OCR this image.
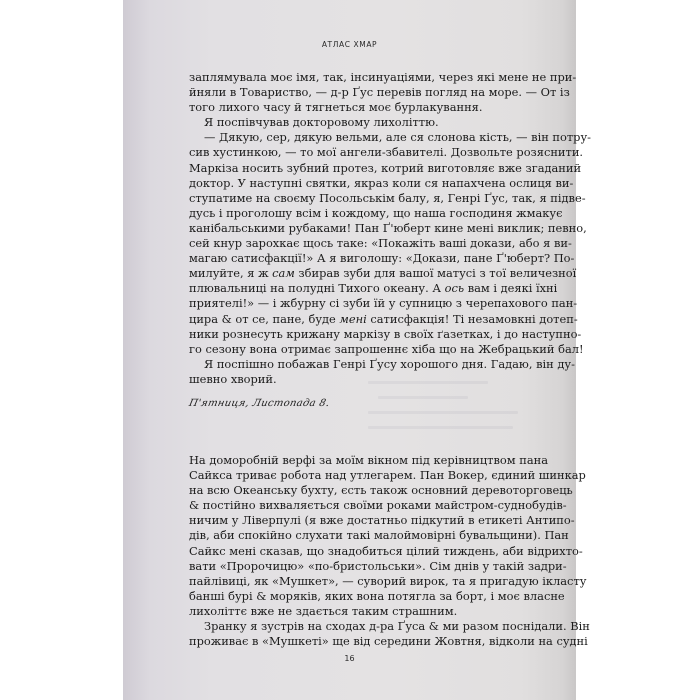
АТЛАС ХМАР
заплямувала моє імя, так, інсинуаціями, через які мене не при-
йняли в Товариство, — д-р Ґус перевів погляд на море. — От із
того лихого часу й тягнеться моє бурлакування.
Я поспівчував докторовому лихоліттю.
— Дякую, сер, дякую вельми, але ся слонова кість, — він потру-
сив хустинкою, — то мої ангели-збавителі. Дозвольте розяснити.
Маркіза носить зубний протез, котрий виготовляє вже згаданий
доктор. У наступні святки, якраз коли ся напахчена ослиця ви-
ступатиме на своєму Посольськім балу, я, Генрі Ґус, так, я підве-
дусь і проголошу всім і кождому, що наша господиня жмакує
канібальськими рубаками! Пан Ґ'юберт кине мені виклик; певно,
сей кнур зарохкає щось таке: «Покажіть ваші докази, або я ви-
магаю сатисфакції!» А я виголошу: «Докази, пане Ґ'юберт? По-
милуйте, я ж сам збирав зуби для вашої матусі з тої величезної
плювальниці на полудні Тихого океану. А ось вам і деякі їхні
приятелі!» — і жбурну сі зуби їй у супницю з черепахового пан-
цира & от се, пане, буде мені сатисфакція! Ті незамовкні дотеп-
ники рознесуть крижану маркізу в своїх ґазетках, і до наступно-
го сезону вона отримає запрошеннє хіба що на Жебрацький бал!
Я поспішно побажав Генрі Ґусу хорошого дня. Гадаю, він ду-
шевно хворий.
П'ятниця, Листопада 8.
На доморобній верфі за моїм вікном під керівництвом пана
Сайкса триває робота над утлегарем. Пан Вокер, єдиний шинкар
на всю Океанську бухту, єсть також основний деревоторговець
& постійно вихваляється своїми роками майстром-суднобудів-
ничим у Ліверпулі (я вже достатньо підкутий в етикеті Антипо-
дів, аби спокійно слухати такі малоймовірні бувальщини). Пан
Сайкс мені сказав, що знадобиться цілий тиждень, аби відрихто-
вати «Пророчицю» «по-бристольськи». Сім днів у такій задри-
пайлівиці, як «Мушкет», — суворий вирок, та я пригадую ікласту
банші бурі & моряків, яких вона потягла за борт, і моє власне
лихоліттє вже не здається таким страшним.
Зранку я зустрів на сходах д-ра Ґуса & ми разом поснідали. Він
проживає в «Мушкеті» ще від середини Жовтня, відколи на судні
16
